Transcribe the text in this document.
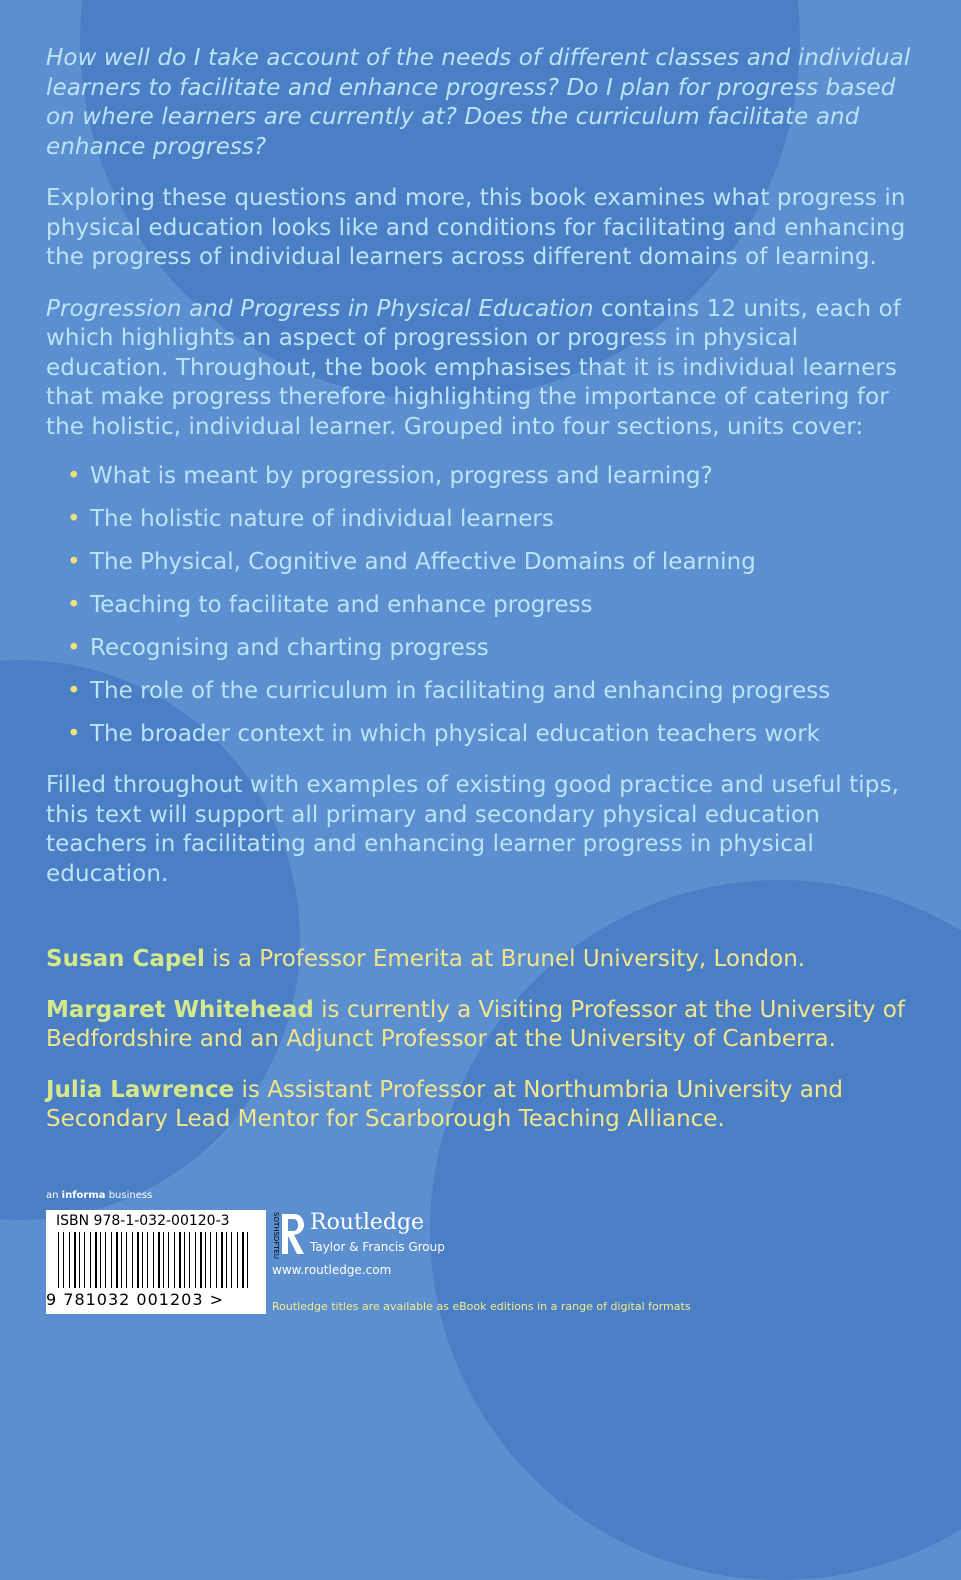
How well do I take account of the needs of different classes and individual learners to facilitate and enhance progress? Do I plan for progress based on where learners are currently at? Does the curriculum facilitate and enhance progress?

Exploring these questions and more, this book examines what progress in physical education looks like and conditions for facilitating and enhancing the progress of individual learners across different domains of learning.

Progression and Progress in Physical Education contains 12 units, each of which highlights an aspect of progression or progress in physical education. Throughout, the book emphasises that it is individual learners that make progress therefore highlighting the importance of catering for the holistic, individual learner. Grouped into four sections, units cover:

• What is meant by progression, progress and learning?
• The holistic nature of individual learners
• The Physical, Cognitive and Affective Domains of learning
• Teaching to facilitate and enhance progress
• Recognising and charting progress
• The role of the curriculum in facilitating and enhancing progress
• The broader context in which physical education teachers work

Filled throughout with examples of existing good practice and useful tips, this text will support all primary and secondary physical education teachers in facilitating and enhancing learner progress in physical education.

Susan Capel is a Professor Emerita at Brunel University, London.

Margaret Whitehead is currently a Visiting Professor at the University of Bedfordshire and an Adjunct Professor at the University of Canberra.

Julia Lawrence is Assistant Professor at Northumbria University and Secondary Lead Mentor for Scarborough Teaching Alliance.

an informa business
ISBN 978-1-032-00120-3
9 781032 001203 >
SOTHSDFTEU Routledge
Taylor & Francis Group
www.routledge.com
Routledge titles are available as eBook editions in a range of digital formats
